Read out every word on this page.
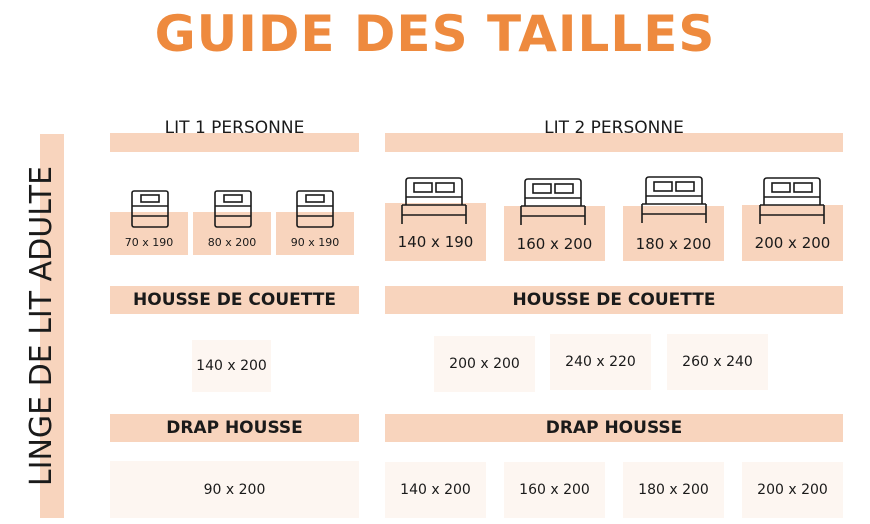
GUIDE DES TAILLES
LINGE DE LIT ADULTE
LIT 1 PERSONNE
70 x 190	80 x 200	90 x 190
HOUSSE DE COUETTE
140 x 200
DRAP HOUSSE
90 x 200
LIT 2 PERSONNE
140 x 190	160 x 200	180 x 200	200 x 200
HOUSSE DE COUETTE
200 x 200	240 x 220	260 x 240
DRAP HOUSSE
140 x 200	160 x 200	180 x 200	200 x 200
